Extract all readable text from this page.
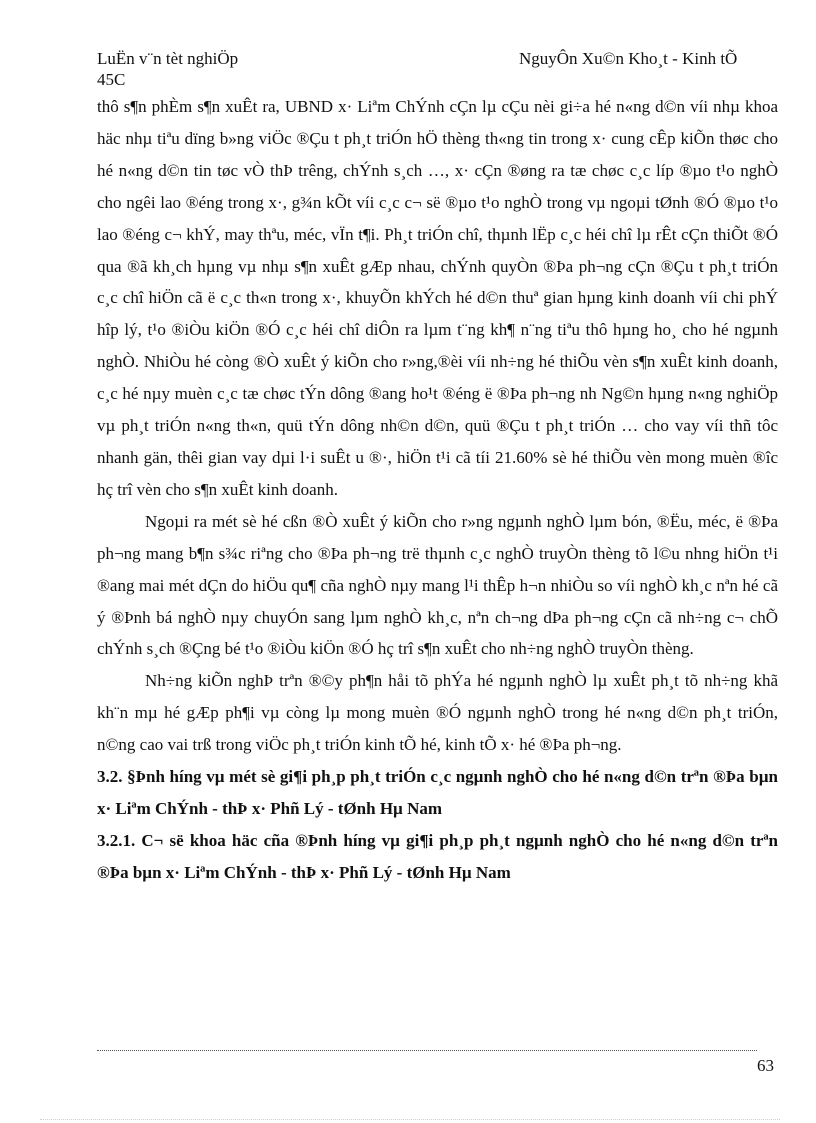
LuËn v¨n tèt nghiÖp
45C
NguyÔn Xu©n Kho¸t - Kinh tÕ

thô s¶n phÈm s¶n xuÊt ra, UBND x· Liªm ChÝnh cÇn lµ cÇu nèi gi÷a hé n«ng d©n víi nhµ khoa häc nhµ tiªu dïng b»ng viÖc ®Çu t ph¸t triÓn hÖ thèng th«ng tin trong x· cung cÊp kiÕn thøc cho hé n«ng d©n tin tøc vÒ thÞ trêng, chÝnh s¸ch …, x· cÇn ®øng ra tæ chøc c¸c líp ®µo t¹o nghÒ cho ngêi lao ®éng trong x·, g¾n kÕt víi c¸c c¬ së ®µo t¹o nghÒ trong vµ ngoµi tØnh ®Ó ®µo t¹o lao ®éng c¬ khÝ, may thªu, méc, vÏn t¶i. Ph¸t triÓn chî, thµnh lËp c¸c héi chî lµ rÊt cÇn thiÕt ®Ó qua ®ã kh¸ch hµng vµ nhµ s¶n xuÊt gÆp nhau, chÝnh quyÒn ®Þa ph¬ng cÇn ®Çu t ph¸t triÓn c¸c chî hiÖn cã ë c¸c th«n trong x·, khuyÕn khÝch hé d©n thuª gian hµng kinh doanh víi chi phÝ hîp lý, t¹o ®iÒu kiÖn ®Ó c¸c héi chî diÔn ra lµm t¨ng kh¶ n¨ng tiªu thô hµng ho¸ cho hé ngµnh nghÒ. NhiÒu hé còng ®Ò xuÊt ý kiÕn cho r»ng,®èi víi nh÷ng hé thiÕu vèn s¶n xuÊt kinh doanh, c¸c hé nµy muèn c¸c tæ chøc tÝn dông ®ang ho¹t ®éng ë ®Þa ph¬ng nh Ng©n hµng n«ng nghiÖp vµ ph¸t triÓn n«ng th«n, quü tÝn dông nh©n d©n, quü ®Çu t ph¸t triÓn … cho vay víi thñ tôc nhanh gän, thêi gian vay dµi l·i suÊt u ®·, hiÖn t¹i cã tíi 21.60% sè hé thiÕu vèn mong muèn ®îc hç trî vèn cho s¶n xuÊt kinh doanh.

Ngoµi ra mét sè hé cßn ®Ò xuÊt ý kiÕn cho r»ng ngµnh nghÒ lµm bón, ®Ëu, méc, ë ®Þa ph¬ng mang b¶n s¾c riªng cho ®Þa ph¬ng trë thµnh c¸c nghÒ truyÒn thèng tõ l©u nhng hiÖn t¹i ®ang mai mét dÇn do hiÖu qu¶ cña nghÒ nµy mang l¹i thÊp h¬n nhiÒu so víi nghÒ kh¸c nªn hé cã ý ®Þnh bá nghÒ nµy chuyÓn sang lµm nghÒ kh¸c, nªn ch¬ng dÞa ph¬ng cÇn cã nh÷ng c¬ chÕ chÝnh s¸ch ®Çng bé t¹o ®iÒu kiÖn ®Ó hç trî s¶n xuÊt cho nh÷ng nghÒ truyÒn thèng.

Nh÷ng kiÕn nghÞ trªn ®©y ph¶n håi tõ phÝa hé ngµnh nghÒ lµ xuÊt ph¸t tõ nh÷ng khã kh¨n mµ hé gÆp ph¶i vµ còng lµ mong muèn ®Ó ngµnh nghÒ trong hé n«ng d©n ph¸t triÓn, n©ng cao vai trß trong viÖc ph¸t triÓn kinh tÕ hé, kinh tÕ x· hé ®Þa ph¬ng.

3.2. §Þnh híng vµ mét sè gi¶i ph¸p ph¸t triÓn c¸c ngµnh nghÒ cho hé n«ng d©n trªn ®Þa bµn x· Liªm ChÝnh - thÞ x· Phñ Lý - tØnh Hµ Nam

3.2.1. C¬ së khoa häc cña ®Þnh híng vµ gi¶i ph¸p ph¸t ngµnh nghÒ cho hé n«ng d©n trªn ®Þa bµn x· Liªm ChÝnh - thÞ x· Phñ Lý - tØnh Hµ Nam

63
